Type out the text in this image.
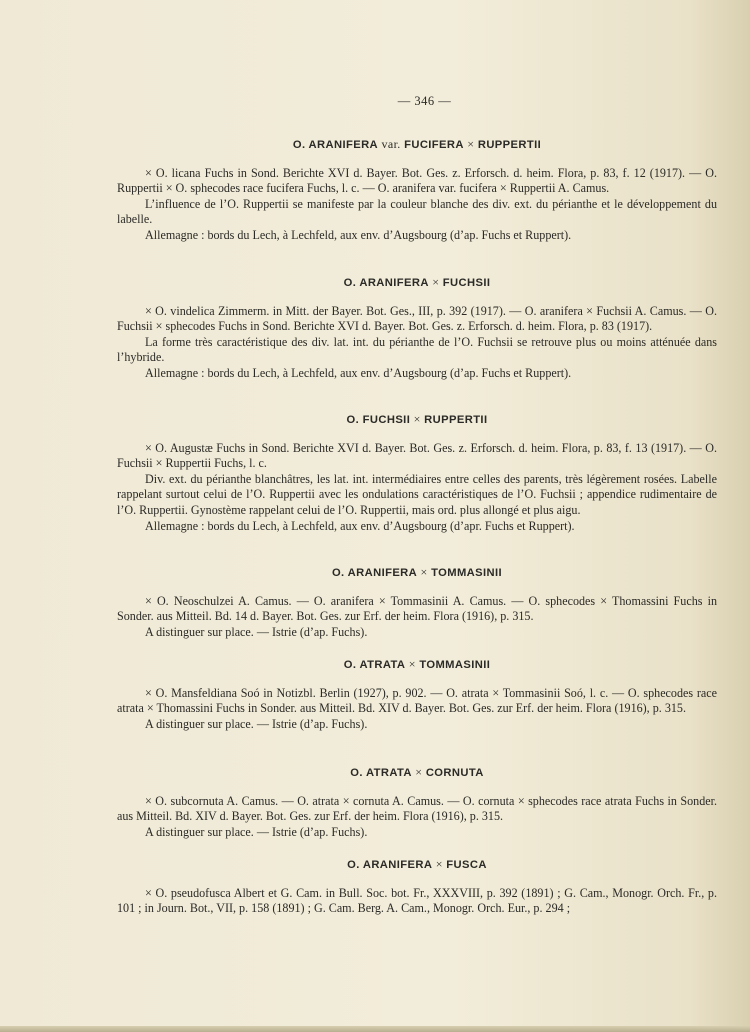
— 346 —
O. ARANIFERA var. FUCIFERA × RUPPERTII

× O. licana Fuchs in Sond. Berichte XVI d. Bayer. Bot. Ges. z. Erforsch. d. heim. Flora, p. 83, f. 12 (1917). — O. Ruppertii × O. sphecodes race fucifera Fuchs, l. c. — O. aranifera var. fucifera × Ruppertii A. Camus.

L’influence de l’O. Ruppertii se manifeste par la couleur blanche des div. ext. du périanthe et le développement du labelle.

Allemagne : bords du Lech, à Lechfeld, aux env. d’Augsbourg (d’ap. Fuchs et Ruppert).

O. ARANIFERA × FUCHSII

× O. vindelica Zimmerm. in Mitt. der Bayer. Bot. Ges., III, p. 392 (1917). — O. aranifera × Fuchsii A. Camus. — O. Fuchsii × sphecodes Fuchs in Sond. Berichte XVI d. Bayer. Bot. Ges. z. Erforsch. d. heim. Flora, p. 83 (1917).

La forme très caractéristique des div. lat. int. du périanthe de l’O. Fuchsii se retrouve plus ou moins atténuée dans l’hybride.

Allemagne : bords du Lech, à Lechfeld, aux env. d’Augsbourg (d’ap. Fuchs et Ruppert).

O. FUCHSII × RUPPERTII

× O. Augustæ Fuchs in Sond. Berichte XVI d. Bayer. Bot. Ges. z. Erforsch. d. heim. Flora, p. 83, f. 13 (1917). — O. Fuchsii × Ruppertii Fuchs, l. c.

Div. ext. du périanthe blanchâtres, les lat. int. intermédiaires entre celles des parents, très légèrement rosées. Labelle rappelant surtout celui de l’O. Ruppertii avec les ondulations caractéristiques de l’O. Fuchsii ; appendice rudimentaire de l’O. Ruppertii. Gynostème rappelant celui de l’O. Ruppertii, mais ord. plus allongé et plus aigu.

Allemagne : bords du Lech, à Lechfeld, aux env. d’Augsbourg (d’apr. Fuchs et Ruppert).

O. ARANIFERA × TOMMASINII

× O. Neoschulzei A. Camus. — O. aranifera × Tommasinii A. Camus. — O. sphecodes × Thomassini Fuchs in Sonder. aus Mitteil. Bd. 14 d. Bayer. Bot. Ges. zur Erf. der heim. Flora (1916), p. 315.

A distinguer sur place. — Istrie (d’ap. Fuchs).

O. ATRATA × TOMMASINII

× O. Mansfeldiana Soó in Notizbl. Berlin (1927), p. 902. — O. atrata × Tommasinii Soó, l. c. — O. sphecodes race atrata × Thomassini Fuchs in Sonder. aus Mitteil. Bd. XIV d. Bayer. Bot. Ges. zur Erf. der heim. Flora (1916), p. 315.

A distinguer sur place. — Istrie (d’ap. Fuchs).

O. ATRATA × CORNUTA

× O. subcornuta A. Camus. — O. atrata × cornuta A. Camus. — O. cornuta × sphecodes race atrata Fuchs in Sonder. aus Mitteil. Bd. XIV d. Bayer. Bot. Ges. zur Erf. der heim. Flora (1916), p. 315.

A distinguer sur place. — Istrie (d’ap. Fuchs).

O. ARANIFERA × FUSCA

× O. pseudofusca Albert et G. Cam. in Bull. Soc. bot. Fr., XXXVIII, p. 392 (1891) ; G. Cam., Monogr. Orch. Fr., p. 101 ; in Journ. Bot., VII, p. 158 (1891) ; G. Cam. Berg. A. Cam., Monogr. Orch. Eur., p. 294 ;
